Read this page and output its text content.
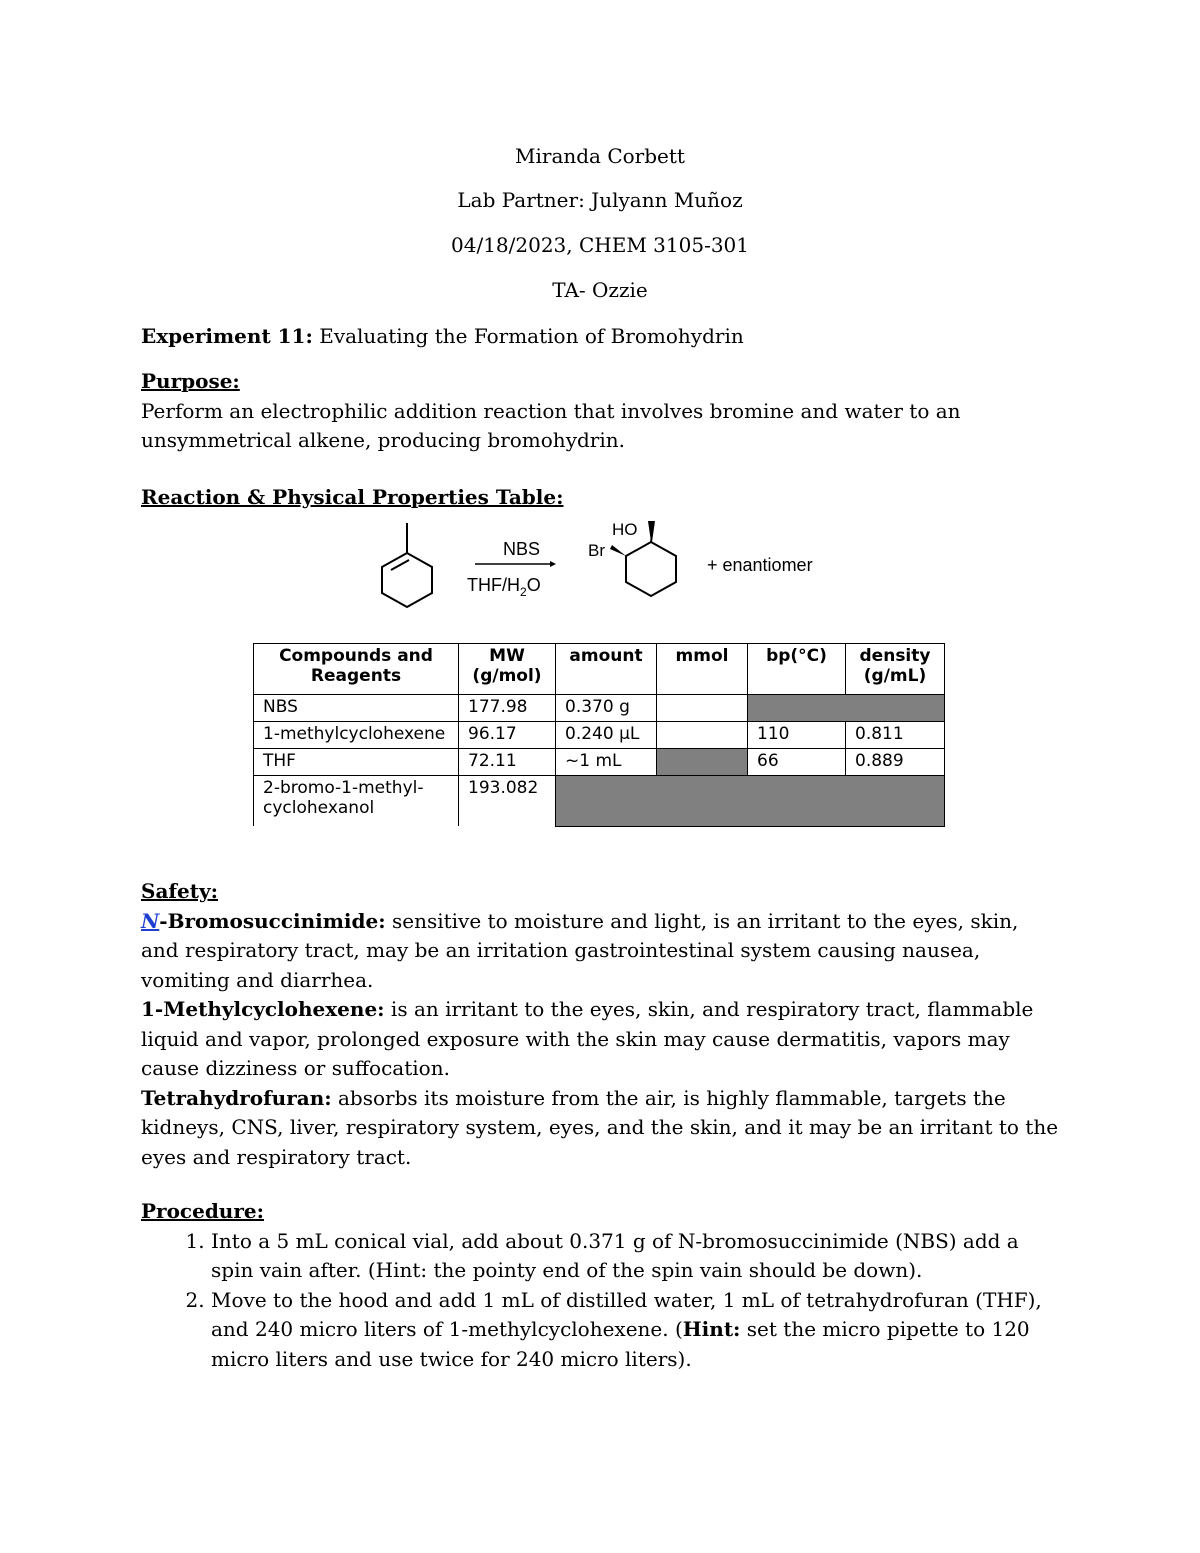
Miranda Corbett
Lab Partner: Julyann Muñoz
04/18/2023, CHEM 3105-301
TA- Ozzie
Experiment 11: Evaluating the Formation of Bromohydrin
Purpose:
Perform an electrophilic addition reaction that involves bromine and water to an unsymmetrical alkene, producing bromohydrin.
Reaction & Physical Properties Table:
NBS
THF/$H_2O$
HO
Br
+ enantiomer
Compounds and Reagents	MW (g/mol)	amount	mmol	bp(°C)	density (g/mL)
NBS	177.98	0.370 g			
1-methylcyclohexene	96.17	0.240 µL		110	0.811
THF	72.11	~1 mL		66	0.889
2-bromo-1-methyl-cyclohexanol	193.082				
Safety:
N-Bromosuccinimide: sensitive to moisture and light, is an irritant to the eyes, skin, and respiratory tract, may be an irritation gastrointestinal system causing nausea, vomiting and diarrhea.
1-Methylcyclohexene: is an irritant to the eyes, skin, and respiratory tract, flammable liquid and vapor, prolonged exposure with the skin may cause dermatitis, vapors may cause dizziness or suffocation.
Tetrahydrofuran: absorbs its moisture from the air, is highly flammable, targets the kidneys, CNS, liver, respiratory system, eyes, and the skin, and it may be an irritant to the eyes and respiratory tract.
Procedure:
1. Into a 5 mL conical vial, add about 0.371 g of N-bromosuccinimide (NBS) add a spin vain after. (Hint: the pointy end of the spin vain should be down).
2. Move to the hood and add 1 mL of distilled water, 1 mL of tetrahydrofuran (THF), and 240 micro liters of 1-methylcyclohexene. (Hint: set the micro pipette to 120 micro liters and use twice for 240 micro liters).
